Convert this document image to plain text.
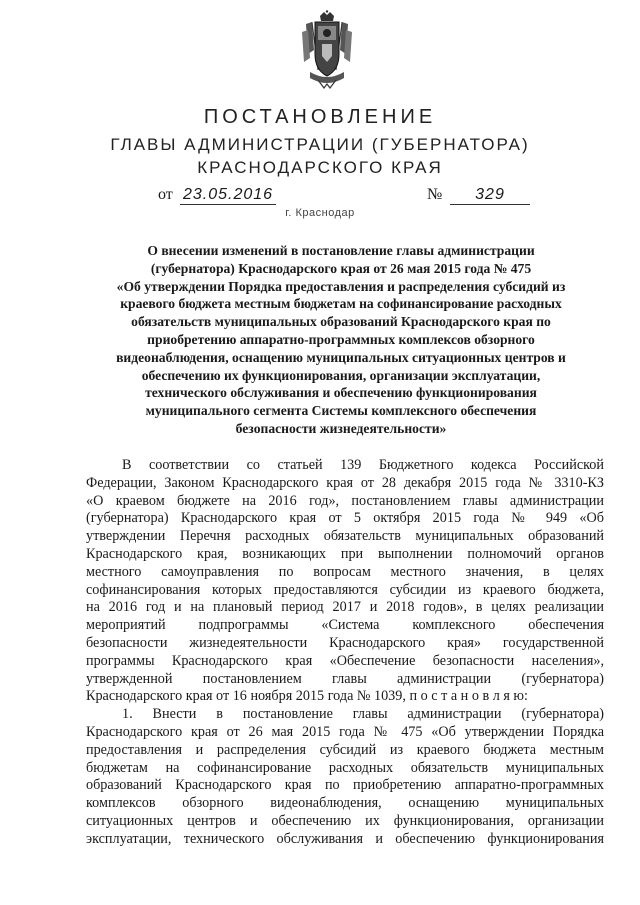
ПОСТАНОВЛЕНИЕ
ГЛАВЫ АДМИНИСТРАЦИИ (ГУБЕРНАТОРА)
КРАСНОДАРСКОГО КРАЯ
от 23.05.2016	№	329
г. Краснодар
О внесении изменений в постановление главы администрации
(губернатора) Краснодарского края от 26 мая 2015 года № 475
«Об утверждении Порядка предоставления и распределения субсидий из
краевого бюджета местным бюджетам на софинансирование расходных
обязательств муниципальных образований Краснодарского края по
приобретению аппаратно-программных комплексов обзорного
видеонаблюдения, оснащению муниципальных ситуационных центров и
обеспечению их функционирования, организации эксплуатации,
технического обслуживания и обеспечению функционирования
муниципального сегмента Системы комплексного обеспечения
безопасности жизнедеятельности»
В соответствии со статьей 139 Бюджетного кодекса Российской
Федерации, Законом Краснодарского края от 28 декабря 2015 года № 3310-КЗ
«О краевом бюджете на 2016 год», постановлением главы администрации
(губернатора) Краснодарского края от 5 октября 2015 года № 949 «Об
утверждении Перечня расходных обязательств муниципальных образований
Краснодарского края, возникающих при выполнении полномочий органов
местного самоуправления по вопросам местного значения, в целях
софинансирования которых предоставляются субсидии из краевого бюджета,
на 2016 год и на плановый период 2017 и 2018 годов», в целях реализации
мероприятий подпрограммы «Система комплексного обеспечения
безопасности жизнедеятельности Краснодарского края» государственной
программы Краснодарского края «Обеспечение безопасности населения»,
утвержденной постановлением главы администрации (губернатора)
Краснодарского края от 16 ноября 2015 года № 1039, п о с т а н о в л я ю:
1. Внести в постановление главы администрации (губернатора)
Краснодарского края от 26 мая 2015 года № 475 «Об утверждении Порядка
предоставления и распределения субсидий из краевого бюджета местным
бюджетам на софинансирование расходных обязательств муниципальных
образований Краснодарского края по приобретению аппаратно-программных
комплексов обзорного видеонаблюдения, оснащению муниципальных
ситуационных центров и обеспечению их функционирования, организации
эксплуатации, технического обслуживания и обеспечению функционирования
